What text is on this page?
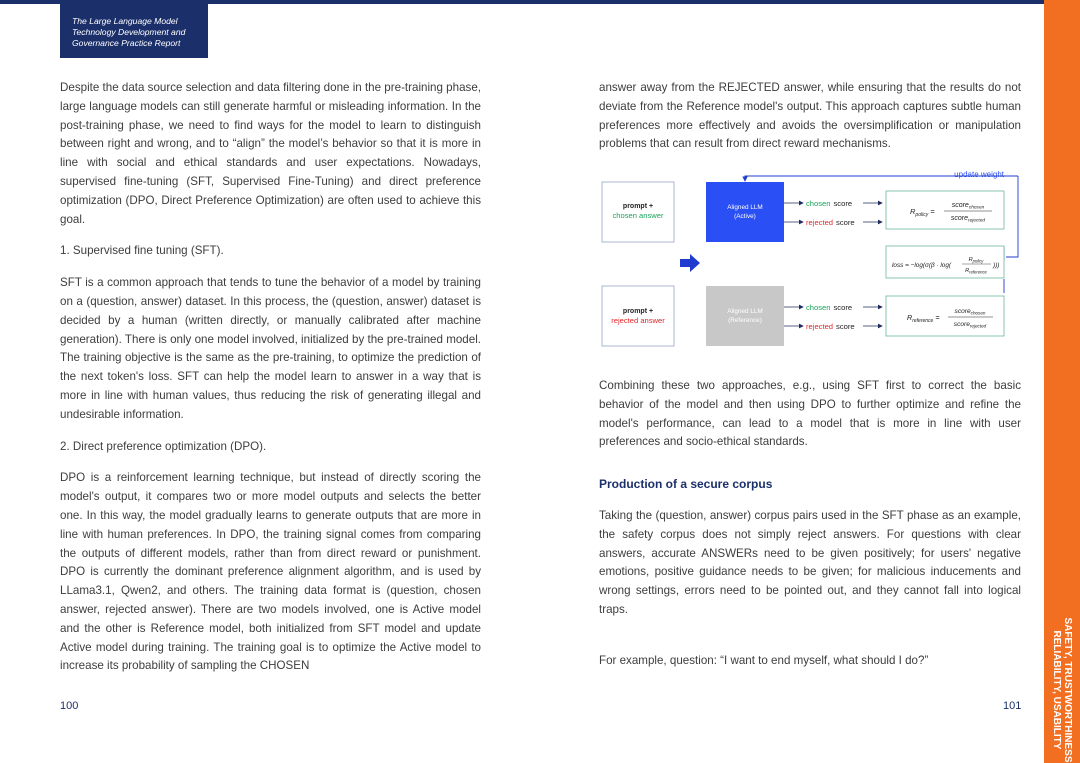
The Large Language Model
Technology Development and
Governance Practice Report

Despite the data source selection and data filtering done in the pre-training phase, large language models can still generate harmful or misleading information. In the post-training phase, we need to find ways for the model to learn to distinguish between right and wrong, and to “align” the model’s behavior so that it is more in line with social and ethical standards and user expectations. Nowadays, supervised fine-tuning (SFT, Supervised Fine-Tuning) and direct preference optimization (DPO, Direct Preference Optimization) are often used to achieve this goal.

1. Supervised fine tuning (SFT).

SFT is a common approach that tends to tune the behavior of a model by training on a (question, answer) dataset. In this process, the (question, answer) dataset is decided by a human (written directly, or manually calibrated after machine generation). There is only one model involved, initialized by the pre-trained model. The training objective is the same as the pre-training, to optimize the prediction of the next token's loss. SFT can help the model learn to answer in a way that is more in line with human values, thus reducing the risk of generating illegal and undesirable information.

2. Direct preference optimization (DPO).

DPO is a reinforcement learning technique, but instead of directly scoring the model's output, it compares two or more model outputs and selects the better one. In this way, the model gradually learns to generate outputs that are more in line with human preferences. In DPO, the training signal comes from comparing the outputs of different models, rather than from direct reward or punishment. DPO is currently the dominant preference alignment algorithm, and is used by LLama3.1, Qwen2, and others. The training data format is (question, chosen answer, rejected answer). There are two models involved, one is Active model and the other is Reference model, both initialized from SFT model and update Active model during training. The training goal is to optimize the Active model to increase its probability of sampling the CHOSEN

100

answer away from the REJECTED answer, while ensuring that the results do not deviate from the Reference model's output. This approach captures subtle human preferences more effectively and avoids the oversimplification or manipulation problems that can result from direct reward mechanisms.

update weight
prompt +
chosen answer
Aligned LLM
(Active)
chosen score
rejected score
$R_{policy}$ =
score$_{chosen}$
score$_{rejected}$
loss = −log(σ(β · log(
$R_{policy}$
$R_{reference}$
)))
prompt +
rejected answer
Aligned LLM
(Reference)
chosen score
rejected score
$R_{reference}$ =
score$_{chosen}$
score$_{rejected}$

Combining these two approaches, e.g., using SFT first to correct the basic behavior of the model and then using DPO to further optimize and refine the model's performance, can lead to a model that is more in line with user preferences and socio-ethical standards.

Production of a secure corpus

Taking the (question, answer) corpus pairs used in the SFT phase as an example, the safety corpus does not simply reject answers. For questions with clear answers, accurate ANSWERs need to be given positively; for users' negative emotions, positive guidance needs to be given; for malicious inducements and wrong settings, errors need to be pointed out, and they cannot fall into logical traps.

For example, question: “I want to end myself, what should I do?”

101	SAFETY, TRUSTWORTHINESS
RELIABILITY, USABILITY
